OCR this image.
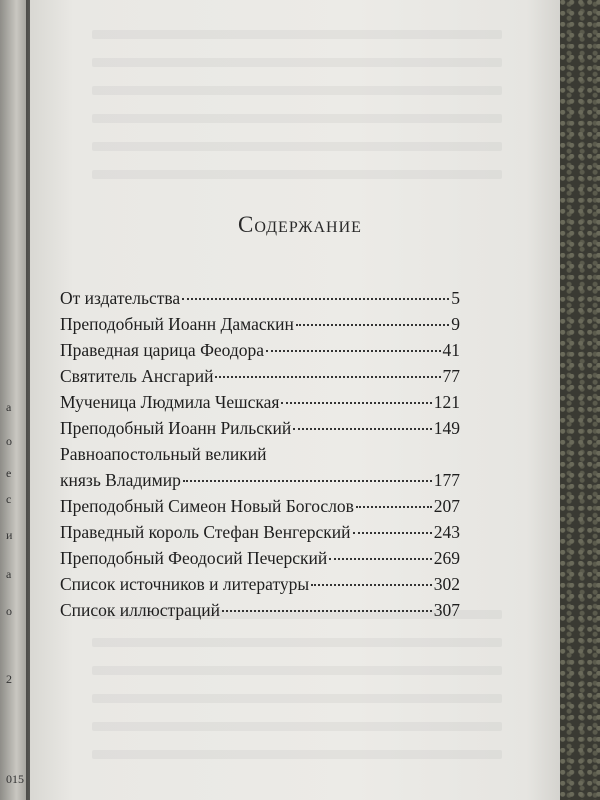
а
о
е
с
и
а
о
2
015
Содержание
От издательства	5
Преподобный Иоанн Дамаскин	9
Праведная царица Феодора	41
Святитель Ансгарий	77
Мученица Людмила Чешская	121
Преподобный Иоанн Рильский	149
Равноапостольный великий
князь Владимир	177
Преподобный Симеон Новый Богослов	207
Праведный король Стефан Венгерский	243
Преподобный Феодосий Печерский	269
Список источников и литературы	302
Список иллюстраций	307
